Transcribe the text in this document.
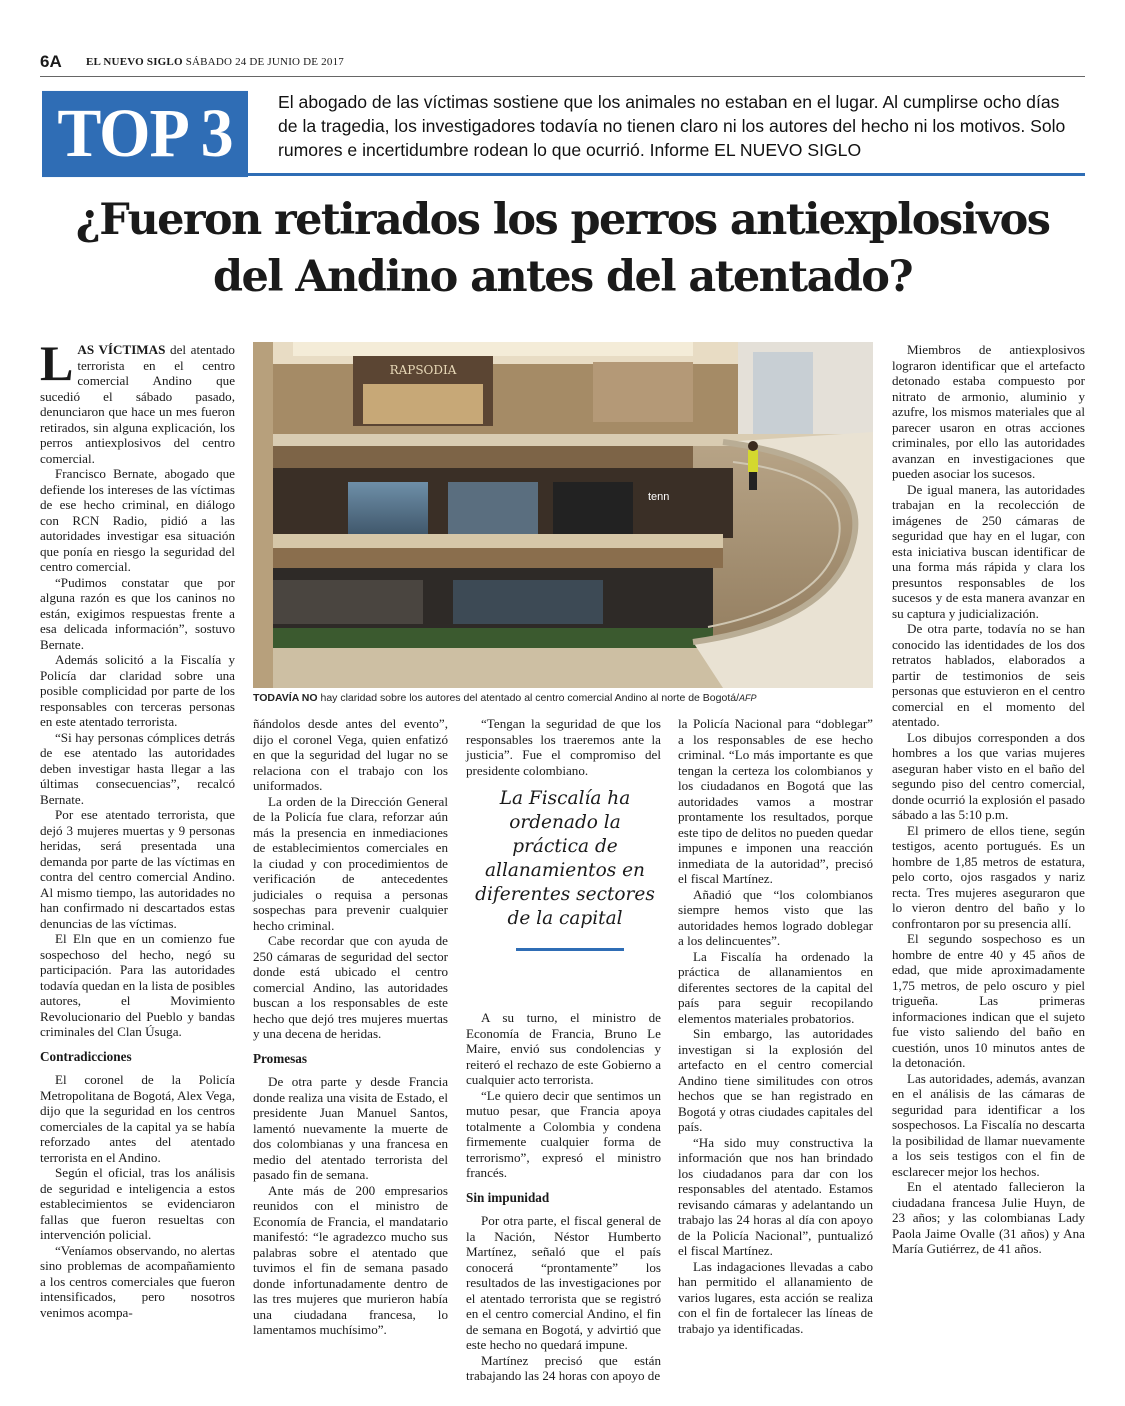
6A EL NUEVO SIGLO SÁBADO 24 DE JUNIO DE 2017
TOP 3	El abogado de las víctimas sostiene que los animales no estaban en el lugar. Al cumplirse ocho días de la tragedia, los investigadores todavía no tienen claro ni los autores del hecho ni los motivos. Solo rumores e incertidumbre rodean lo que ocurrió. Informe EL NUEVO SIGLO
¿Fueron retirados los perros antiexplosivos
del Andino antes del atentado?
RAPSODIA
tenn
TODAVÍA NO hay claridad sobre los autores del atentado al centro comercial Andino al norte de Bogotá/AFP

LAS VÍCTIMAS del atentado terrorista en el centro comercial Andino que sucedió el sábado pasado, denunciaron que hace un mes fueron retirados, sin alguna explicación, los perros antiexplosivos del centro comercial.

Francisco Bernate, abogado que defiende los intereses de las víctimas de ese hecho criminal, en diálogo con RCN Radio, pidió a las autoridades investigar esa situación que ponía en riesgo la seguridad del centro comercial.

“Pudimos constatar que por alguna razón es que los caninos no están, exigimos respuestas frente a esa delicada información”, sostuvo Bernate.

Además solicitó a la Fiscalía y Policía dar claridad sobre una posible complicidad por parte de los responsables con terceras personas en este atentado terrorista.

“Si hay personas cómplices detrás de ese atentado las autoridades deben investigar hasta llegar a las últimas consecuencias”, recalcó Bernate.

Por ese atentado terrorista, que dejó 3 mujeres muertas y 9 personas heridas, será presentada una demanda por parte de las víctimas en contra del centro comercial Andino. Al mismo tiempo, las autoridades no han confirmado ni descartados estas denuncias de las víctimas.

El Eln que en un comienzo fue sospechoso del hecho, negó su participación. Para las autoridades todavía quedan en la lista de posibles autores, el Movimiento Revolucionario del Pueblo y bandas criminales del Clan Úsuga.

Contradicciones

El coronel de la Policía Metropolitana de Bogotá, Alex Vega, dijo que la seguridad en los centros comerciales de la capital ya se había reforzado antes del atentado terrorista en el Andino.

Según el oficial, tras los análisis de seguridad e inteligencia a estos establecimientos se evidenciaron fallas que fueron resueltas con intervención policial.

“Veníamos observando, no alertas sino problemas de acompañamiento a los centros comerciales que fueron intensificados, pero nosotros venimos acompa-

ñándolos desde antes del evento”, dijo el coronel Vega, quien enfatizó en que la seguridad del lugar no se relaciona con el trabajo con los uniformados.

La orden de la Dirección General de la Policía fue clara, reforzar aún más la presencia en inmediaciones de establecimientos comerciales en la ciudad y con procedimientos de verificación de antecedentes judiciales o requisa a personas sospechas para prevenir cualquier hecho criminal.

Cabe recordar que con ayuda de 250 cámaras de seguridad del sector donde está ubicado el centro comercial Andino, las autoridades buscan a los responsables de este hecho que dejó tres mujeres muertas y una decena de heridas.

Promesas

De otra parte y desde Francia donde realiza una visita de Estado, el presidente Juan Manuel Santos, lamentó nuevamente la muerte de dos colombianas y una francesa en medio del atentado terrorista del pasado fin de semana.

Ante más de 200 empresarios reunidos con el ministro de Economía de Francia, el mandatario manifestó: “le agradezco mucho sus palabras sobre el atentado que tuvimos el fin de semana pasado donde infortunadamente dentro de las tres mujeres que murieron había una ciudadana francesa, lo lamentamos muchísimo”.

“Tengan la seguridad de que los responsables los traeremos ante la justicia”. Fue el compromiso del presidente colombiano.

A su turno, el ministro de Economía de Francia, Bruno Le Maire, envió sus condolencias y reiteró el rechazo de este Gobierno a cualquier acto terrorista.

“Le quiero decir que sentimos un mutuo pesar, que Francia apoya totalmente a Colombia y condena firmemente cualquier forma de terrorismo”, expresó el ministro francés.

Sin impunidad

Por otra parte, el fiscal general de la Nación, Néstor Humberto Martínez, señaló que el país conocerá “prontamente” los resultados de las investigaciones por el atentado terrorista que se registró en el centro comercial Andino, el fin de semana en Bogotá, y advirtió que este hecho no quedará impune.

Martínez precisó que están trabajando las 24 horas con apoyo de

La Fiscalía ha ordenado la práctica de allanamientos en diferentes sectores de la capital

la Policía Nacional para “doblegar” a los responsables de ese hecho criminal. “Lo más importante es que tengan la certeza los colombianos y los ciudadanos en Bogotá que las autoridades vamos a mostrar prontamente los resultados, porque este tipo de delitos no pueden quedar impunes e imponen una reacción inmediata de la autoridad”, precisó el fiscal Martínez.

Añadió que “los colombianos siempre hemos visto que las autoridades hemos logrado doblegar a los delincuentes”.

La Fiscalía ha ordenado la práctica de allanamientos en diferentes sectores de la capital del país para seguir recopilando elementos materiales probatorios.

Sin embargo, las autoridades investigan si la explosión del artefacto en el centro comercial Andino tiene similitudes con otros hechos que se han registrado en Bogotá y otras ciudades capitales del país.

“Ha sido muy constructiva la información que nos han brindado los ciudadanos para dar con los responsables del atentado. Estamos revisando cámaras y adelantando un trabajo las 24 horas al día con apoyo de la Policía Nacional”, puntualizó el fiscal Martínez.

Las indagaciones llevadas a cabo han permitido el allanamiento de varios lugares, esta acción se realiza con el fin de fortalecer las líneas de trabajo ya identificadas.

Miembros de antiexplosivos lograron identificar que el artefacto detonado estaba compuesto por nitrato de armonio, aluminio y azufre, los mismos materiales que al parecer usaron en otras acciones criminales, por ello las autoridades avanzan en investigaciones que pueden asociar los sucesos.

De igual manera, las autoridades trabajan en la recolección de imágenes de 250 cámaras de seguridad que hay en el lugar, con esta iniciativa buscan identificar de una forma más rápida y clara los presuntos responsables de los sucesos y de esta manera avanzar en su captura y judicialización.

De otra parte, todavía no se han conocido las identidades de los dos retratos hablados, elaborados a partir de testimonios de seis personas que estuvieron en el centro comercial en el momento del atentado.

Los dibujos corresponden a dos hombres a los que varias mujeres aseguran haber visto en el baño del segundo piso del centro comercial, donde ocurrió la explosión el pasado sábado a las 5:10 p.m.

El primero de ellos tiene, según testigos, acento portugués. Es un hombre de 1,85 metros de estatura, pelo corto, ojos rasgados y nariz recta. Tres mujeres aseguraron que lo vieron dentro del baño y lo confrontaron por su presencia allí.

El segundo sospechoso es un hombre de entre 40 y 45 años de edad, que mide aproximadamente 1,75 metros, de pelo oscuro y piel trigueña. Las primeras informaciones indican que el sujeto fue visto saliendo del baño en cuestión, unos 10 minutos antes de la detonación.

Las autoridades, además, avanzan en el análisis de las cámaras de seguridad para identificar a los sospechosos. La Fiscalía no descarta la posibilidad de llamar nuevamente a los seis testigos con el fin de esclarecer mejor los hechos.

En el atentado fallecieron la ciudadana francesa Julie Huyn, de 23 años; y las colombianas Lady Paola Jaime Ovalle (31 años) y Ana María Gutiérrez, de 41 años.
